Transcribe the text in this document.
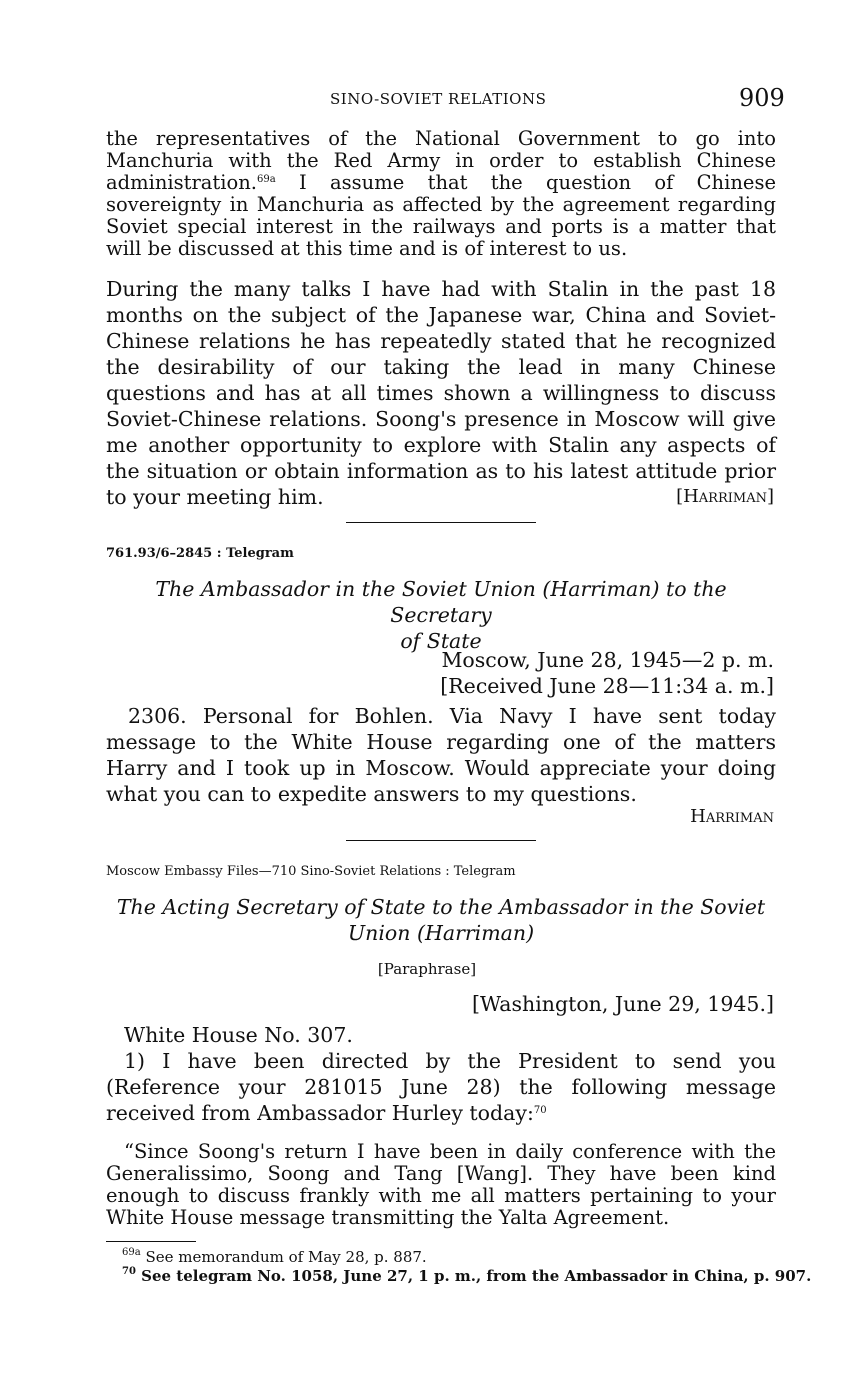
SINO-SOVIET RELATIONS	909
the representatives of the National Government to go into Manchuria with the Red Army in order to establish Chinese administration.$^{69a}$ I assume that the question of Chinese sovereignty in Manchuria as affected by the agreement regarding Soviet special interest in the railways and ports is a matter that will be discussed at this time and is of interest to us.
During the many talks I have had with Stalin in the past 18 months on the subject of the Japanese war, China and Soviet-Chinese relations he has repeatedly stated that he recognized the desirability of our taking the lead in many Chinese questions and has at all times shown a willingness to discuss Soviet-Chinese relations. Soong's presence in Moscow will give me another opportunity to explore with Stalin any aspects of the situation or obtain information as to his latest attitude prior to your meeting him.	[Harriman]
761.93/6–2845 : Telegram
The Ambassador in the Soviet Union (Harriman) to the Secretary
of State
Moscow, June 28, 1945—2 p. m.
[Received June 28—11:34 a. m.]
2306. Personal for Bohlen. Via Navy I have sent today message to the White House regarding one of the matters Harry and I took up in Moscow. Would appreciate your doing what you can to expedite answers to my questions.
Harriman
Moscow Embassy Files—710 Sino-Soviet Relations : Telegram
The Acting Secretary of State to the Ambassador in the Soviet
Union (Harriman)
[Paraphrase]
[Washington, June 29, 1945.]
White House No. 307.
1) I have been directed by the President to send you (Reference your 281015 June 28) the following message received from Ambassador Hurley today:$^{70}$
“Since Soong's return I have been in daily conference with the Generalissimo, Soong and Tang [Wang]. They have been kind enough to discuss frankly with me all matters pertaining to your White House message transmitting the Yalta Agreement.
$^{69a}$ See memorandum of May 28, p. 887.
$^{70}$ See telegram No. 1058, June 27, 1 p. m., from the Ambassador in China, p. 907.
